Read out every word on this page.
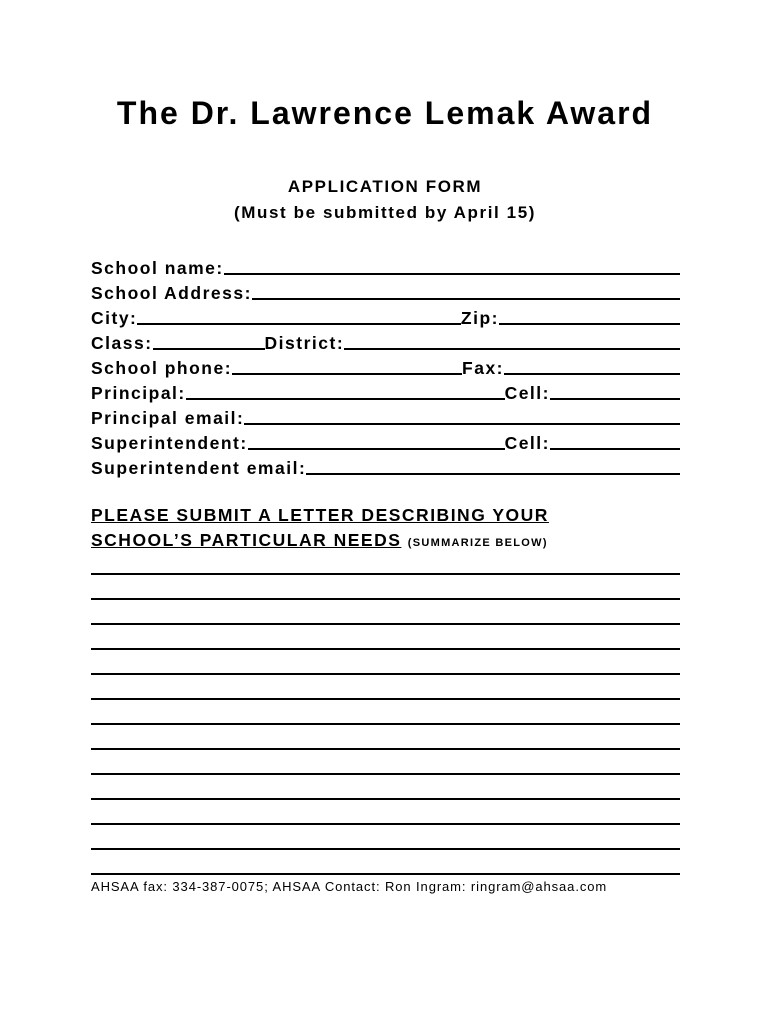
The Dr. Lawrence Lemak Award
APPLICATION FORM
(Must be submitted by April 15)
School name:
School Address:
City:	Zip:
Class:	District:
School phone:	Fax:
Principal:	Cell:
Principal email:
Superintendent:	Cell:
Superintendent email:
PLEASE SUBMIT A LETTER DESCRIBING YOUR
SCHOOL’S PARTICULAR NEEDS (SUMMARIZE BELOW)
AHSAA fax: 334-387-0075; AHSAA Contact: Ron Ingram: ringram@ahsaa.com
